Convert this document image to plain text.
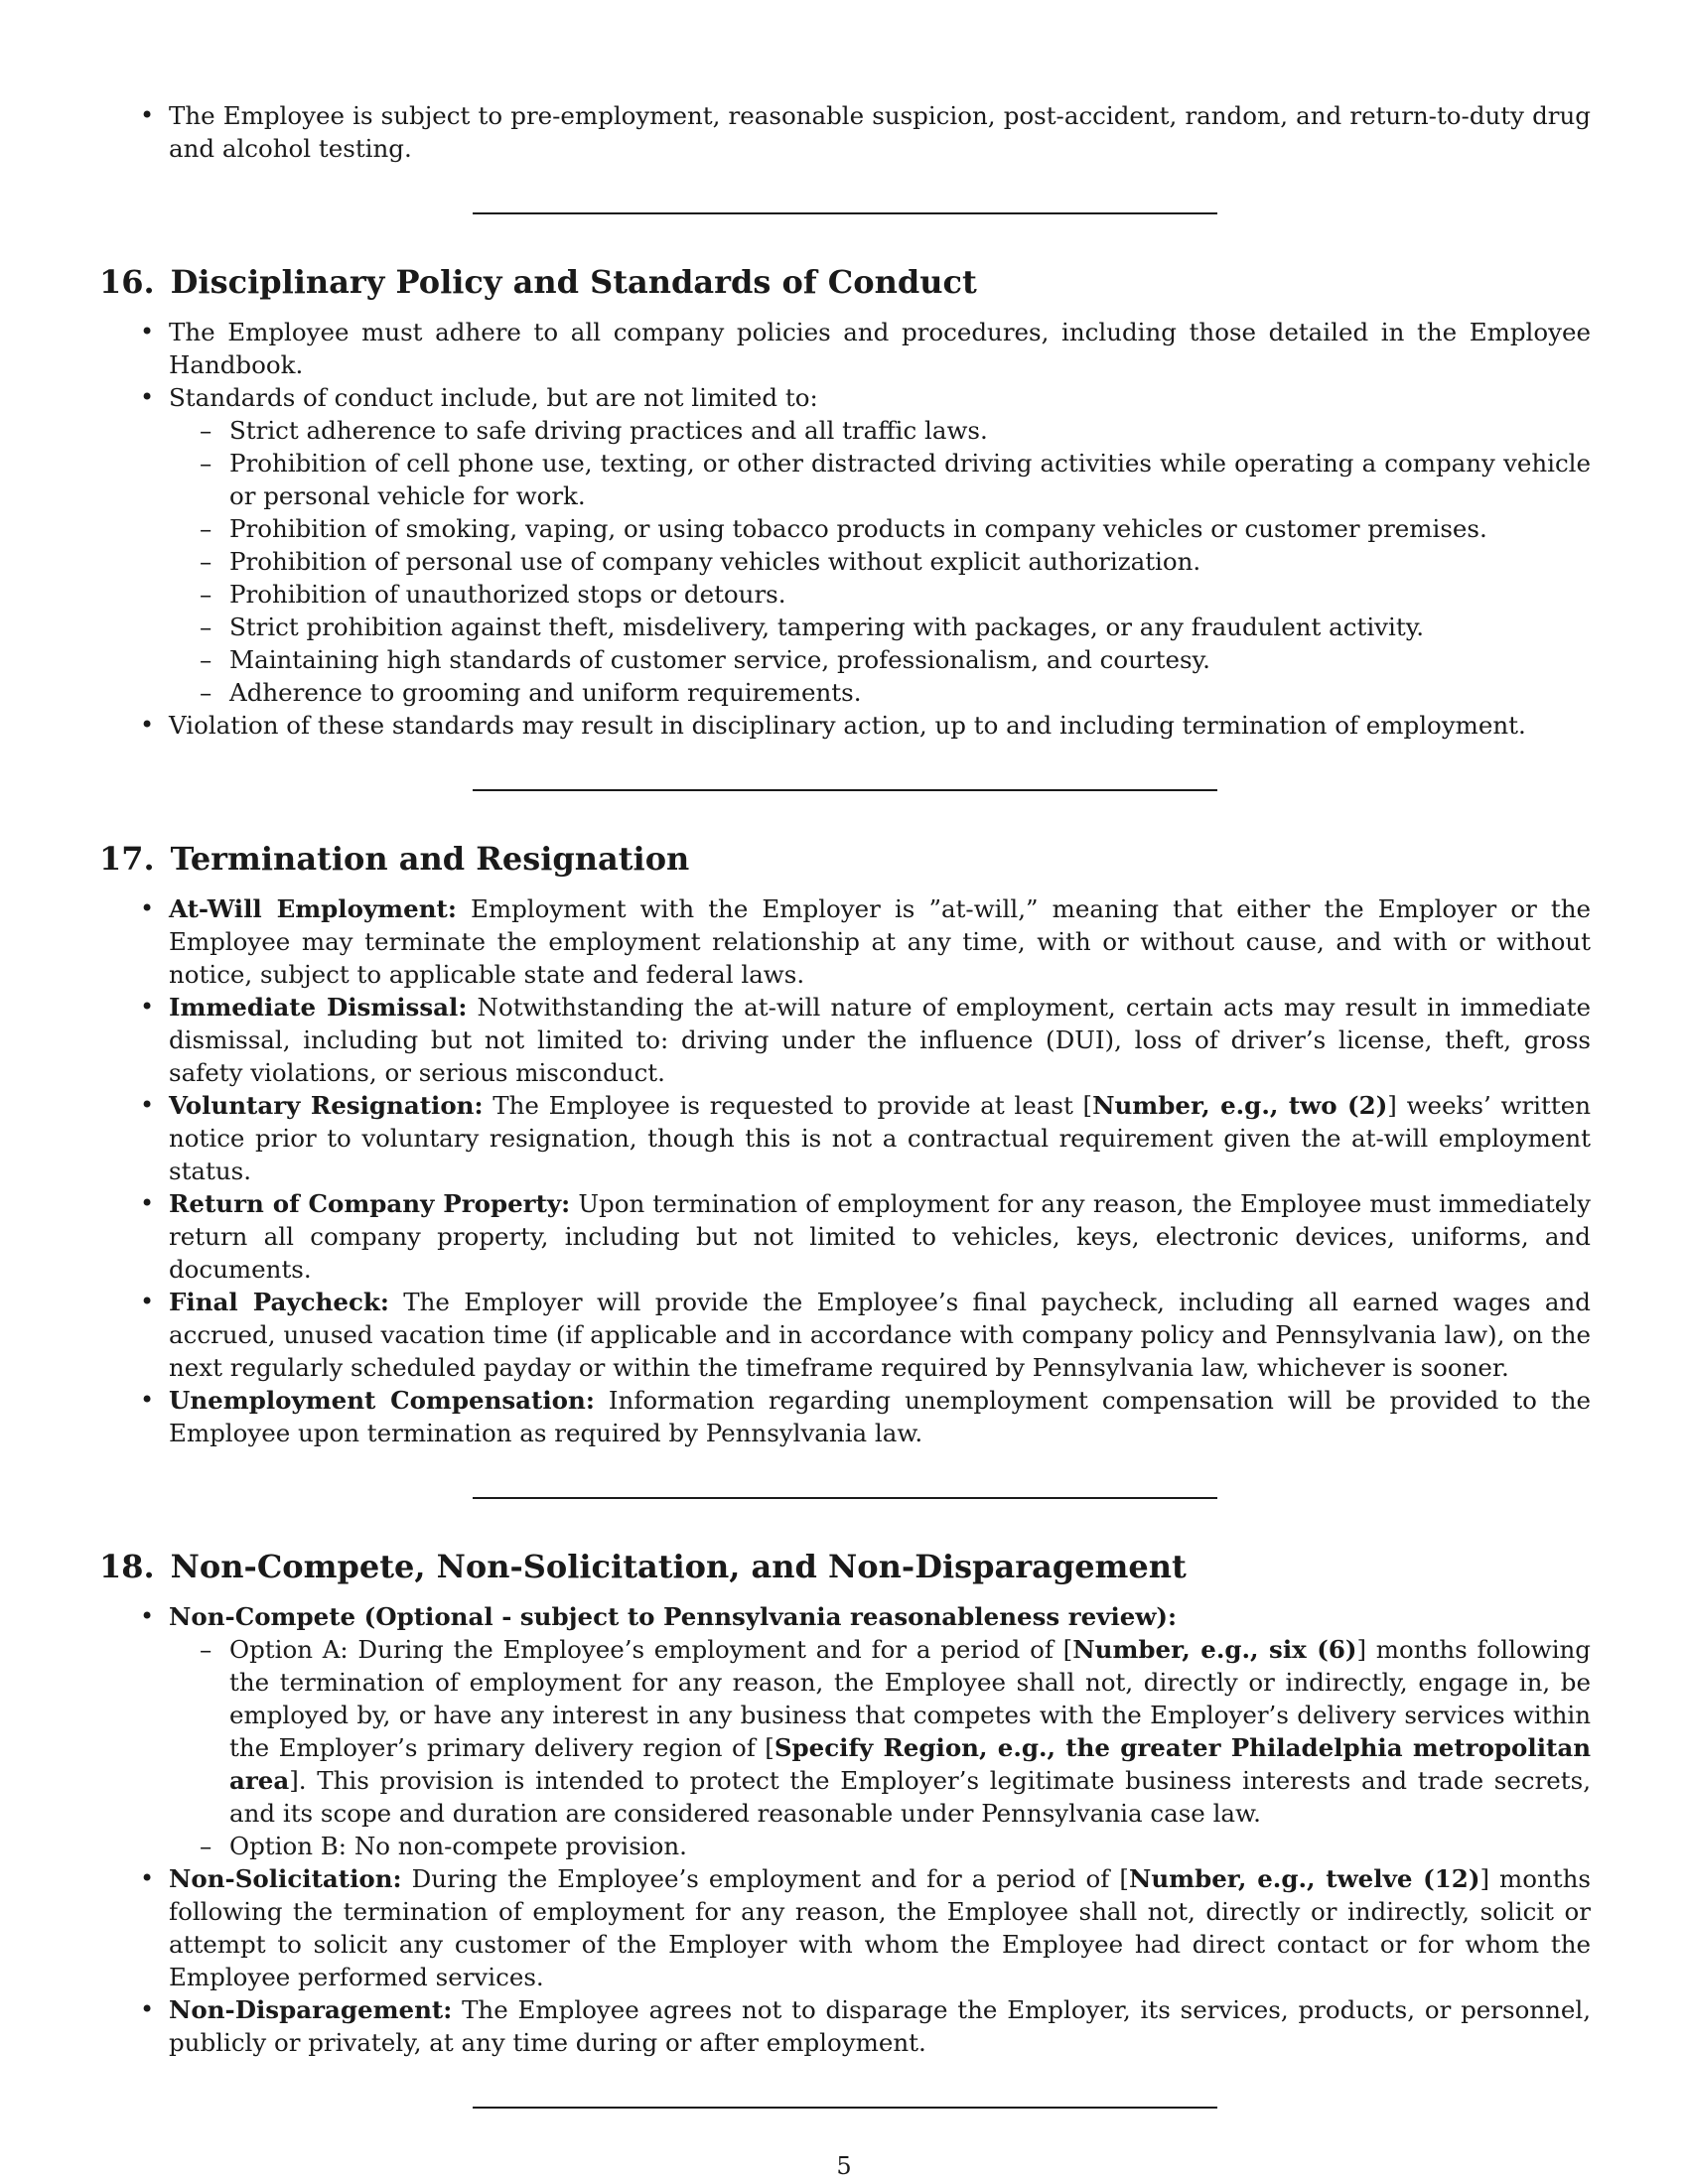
• The Employee is subject to pre-employment, reasonable suspicion, post-accident, random, and return-to-duty drug and alcohol testing.
16. Disciplinary Policy and Standards of Conduct
• The Employee must adhere to all company policies and procedures, including those detailed in the Employee Handbook.
• Standards of conduct include, but are not limited to:
– Strict adherence to safe driving practices and all traffic laws.
– Prohibition of cell phone use, texting, or other distracted driving activities while operating a company vehicle or personal vehicle for work.
– Prohibition of smoking, vaping, or using tobacco products in company vehicles or customer premises.
– Prohibition of personal use of company vehicles without explicit authorization.
– Prohibition of unauthorized stops or detours.
– Strict prohibition against theft, misdelivery, tampering with packages, or any fraudulent activity.
– Maintaining high standards of customer service, professionalism, and courtesy.
– Adherence to grooming and uniform requirements.
• Violation of these standards may result in disciplinary action, up to and including termination of employment.
17. Termination and Resignation
• At-Will Employment: Employment with the Employer is ”at-will,” meaning that either the Employer or the Employee may terminate the employment relationship at any time, with or without cause, and with or without notice, subject to applicable state and federal laws.
• Immediate Dismissal: Notwithstanding the at-will nature of employment, certain acts may result in immediate dismissal, including but not limited to: driving under the influence (DUI), loss of driver’s license, theft, gross safety violations, or serious misconduct.
• Voluntary Resignation: The Employee is requested to provide at least [Number, e.g., two (2)] weeks’ written notice prior to voluntary resignation, though this is not a contractual requirement given the at-will employment status.
• Return of Company Property: Upon termination of employment for any reason, the Employee must immediately return all company property, including but not limited to vehicles, keys, electronic devices, uniforms, and documents.
• Final Paycheck: The Employer will provide the Employee’s final paycheck, including all earned wages and accrued, unused vacation time (if applicable and in accordance with company policy and Pennsylvania law), on the next regularly scheduled payday or within the timeframe required by Pennsylvania law, whichever is sooner.
• Unemployment Compensation: Information regarding unemployment compensation will be provided to the Employee upon termination as required by Pennsylvania law.
18. Non-Compete, Non-Solicitation, and Non-Disparagement
• Non-Compete (Optional - subject to Pennsylvania reasonableness review):
– Option A: During the Employee’s employment and for a period of [Number, e.g., six (6)] months following the termination of employment for any reason, the Employee shall not, directly or indirectly, engage in, be employed by, or have any interest in any business that competes with the Employer’s delivery services within the Employer’s primary delivery region of [Specify Region, e.g., the greater Philadelphia metropolitan area]. This provision is intended to protect the Employer’s legitimate business interests and trade secrets, and its scope and duration are considered reasonable under Pennsylvania case law.
– Option B: No non-compete provision.
• Non-Solicitation: During the Employee’s employment and for a period of [Number, e.g., twelve (12)] months following the termination of employment for any reason, the Employee shall not, directly or indirectly, solicit or attempt to solicit any customer of the Employer with whom the Employee had direct contact or for whom the Employee performed services.
• Non-Disparagement: The Employee agrees not to disparage the Employer, its services, products, or personnel, publicly or privately, at any time during or after employment.
5
